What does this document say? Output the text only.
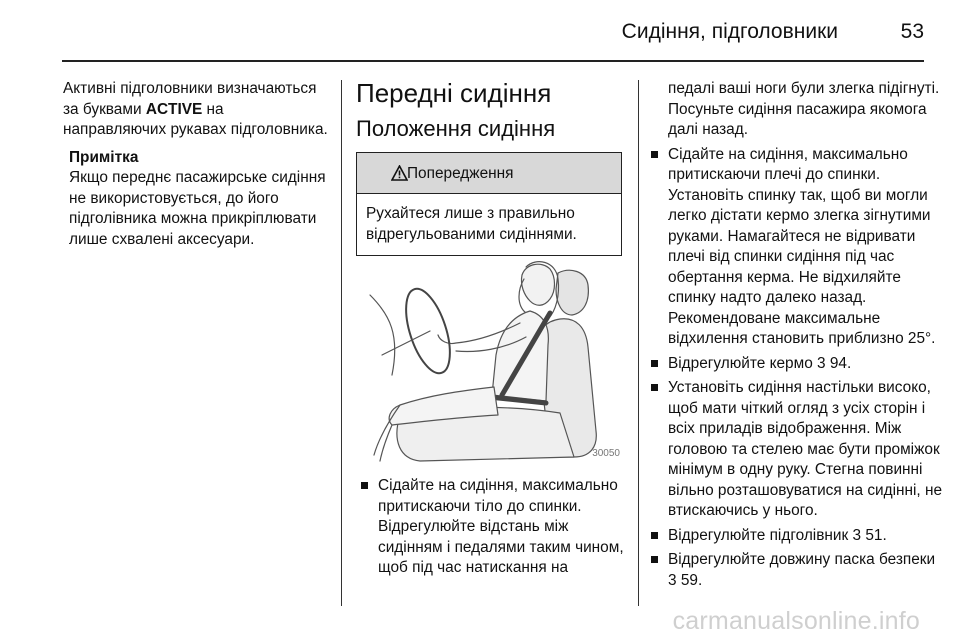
Сидіння, підголовники	53

Активні підголовники визначаються за буквами ACTIVE на направляючих рукавах підголовника.

Примітка
Якщо переднє пасажирське сидіння не використовується, до його підголівника можна прикріплювати лише схвалені аксесуари.
Передні сидіння
Положення сидіння
Попередження
Рухайтеся лише з правильно відрегульованими сидіннями.
30050
Сідайте на сидіння, максимально притискаючи тіло до спинки. Відрегулюйте відстань між сидінням і педалями таким чином, щоб під час натискання на
педалі ваші ноги були злегка підігнуті. Посуньте сидіння пасажира якомога далі назад.
Сідайте на сидіння, максимально притискаючи плечі до спинки. Установіть спинку так, щоб ви могли легко дістати кермо злегка зігнутими руками. Намагайтеся не відривати плечі від спинки сидіння під час обертання керма. Не відхиляйте спинку надто далеко назад. Рекомендоване максимальне відхилення становить приблизно 25°.
Відрегулюйте кермо 3 94.
Установіть сидіння настільки високо, щоб мати чіткий огляд з усіх сторін і всіх приладів відображення. Між головою та стелею має бути проміжок мінімум в одну руку. Стегна повинні вільно розташовуватися на сидінні, не втискаючись у нього.
Відрегулюйте підголівник 3 51.
Відрегулюйте довжину паска безпеки 3 59.
carmanualsonline.info
